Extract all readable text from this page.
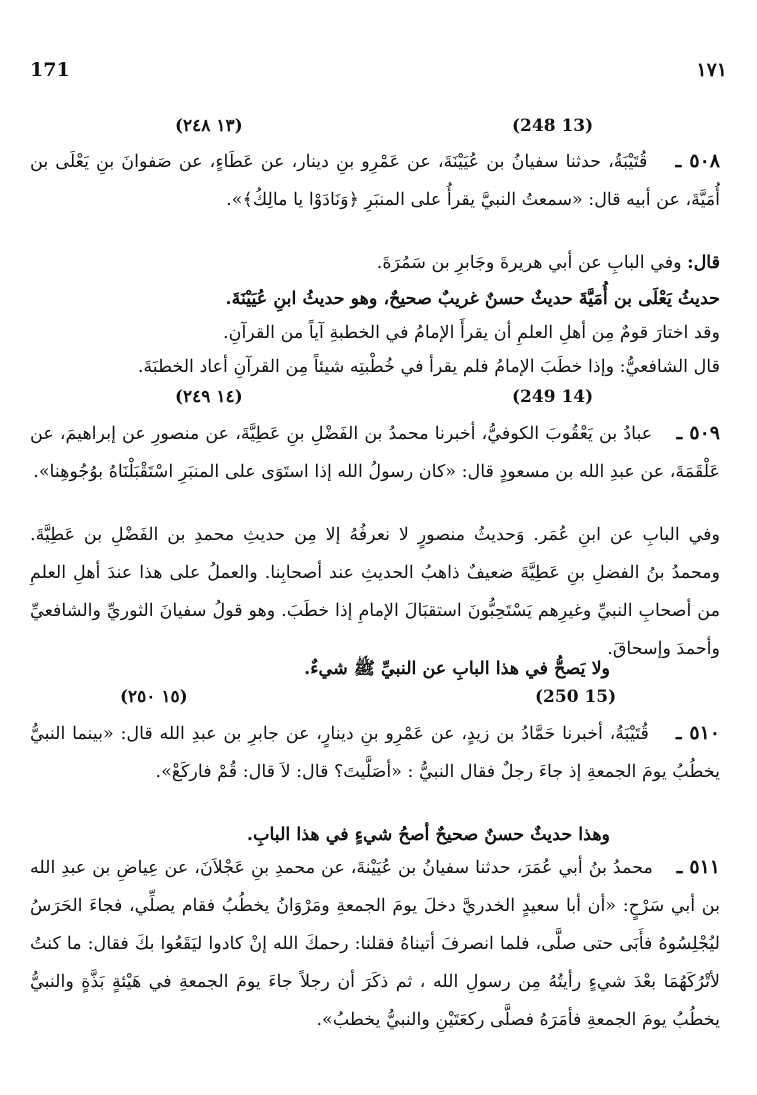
171	١٧١
(١٣ ٢٤٨)	(248 13)
٥٠٨ ـ    قُتَيْبَةُ، حدثنا سفيانُ بن عُيَيْنَةَ، عن عَمْرِو بنِ دينار، عن عَطَاءٍ، عن صَفوانَ بنِ يَعْلَى بن أُمَيَّةَ، عن أبيه قال: «سمعتُ النبيَّ يقرأُ على المنبَرِ ﴿وَنَادَوْا يا مالِكُ﴾».
قال: وفي البابِ عن أبي هريرةَ وجَابرِ بن سَمُرَةَ.
حديثُ يَعْلَى بن أُمَيَّةَ حديثٌ حسنٌ غريبٌ صحيحٌ، وهو حديثُ ابنِ عُيَيْنَةَ.
وقد اختارَ قومٌ مِن أهلِ العلمِ أن يقرأَ الإمامُ في الخطبةِ آياً من القرآنِ.
قال الشافعيُّ: وإذا خطَبَ الإمامُ فلم يقرأ في خُطْبتِه شيئاً مِن القرآنِ أعاد الخطبَةَ.
(١٤ ٢٤٩)	(249 14)
٥٠٩ ـ    عبادُ بن يَعْقُوبَ الكوفيُّ، أخبرنا محمدُ بن الفَضْلِ بنِ عَطِيَّةَ، عن منصورِ عن إبراهيمَ، عن عَلْقَمَةَ، عن عبدِ الله بن مسعودٍ قال: «كان رسولُ الله إذا استَوَى على المنبَرِ اسْتَقْبَلْنَاهُ بوُجُوهِنا».
وفي البابِ عن ابنِ عُمَر. وَحديثُ منصورٍ لا نعرفُهُ إلا مِن حديثِ محمدِ بن الفَضْلِ بن عَطِيَّةَ. ومحمدُ بنُ الفضلِ بنِ عَطِيَّةَ ضعيفٌ ذاهبُ الحديثِ عند أصحابِنا. والعملُ على هذا عندَ أهلِ العلمِ من أصحابِ النبيِّ وغيرِهم يَسْتَحِبُّونَ استقبَالَ الإمامِ إذا خطَبَ. وهو قولُ سفيانَ الثوريِّ والشافعيِّ وأحمدَ وإسحاقَ.
ولا يَصحُّ في هذا البابِ عن النبيِّ ﷺ شيءٌ.
(١٥ ٢٥٠)	(250 15)
٥١٠ ـ    قُتَيْبَةُ، أخبرنا حَمَّادُ بن زيدٍ، عن عَمْرِو بنِ دينارٍ، عن جابرِ بن عبدِ الله قال: «بينما النبيُّ يخطُبُ يومَ الجمعةِ إذ جاءَ رجلٌ فقال النبيُّ : «أصَلَّيتَ؟ قال: لاَ قال: قُمْ فاركَعْ».
وهذا حديثٌ حسنٌ صحيحٌ أصحُ شيءٍ في هذا البابِ.
٥١١ ـ    محمدُ بنُ أبي عُمَرَ، حدثنا سفيانُ بن عُيَيْنةَ، عن محمدِ بنِ عَجْلاَنَ، عن عِياضِ بن عبدِ الله بن أبي سَرْحٍ: «أن أبا سعيدٍ الخدريَّ دخلَ يومَ الجمعةِ ومَرْوَانُ يخطُبُ فقام يصلِّي، فجاءَ الحَرَسُ ليُجْلِسُوهُ فأَبَى حتى صلَّى، فلما انصرفَ أتيناهُ فقلنا: رحمكَ الله إنْ كادوا ليَقَعُوا بكَ فقال: ما كنتُ لأتْرُكَهُمَا بعْدَ شيءٍ رأيتُهُ مِن رسولِ الله ، ثم ذكَرَ أن رجلاً جاءَ يومَ الجمعةِ في هَيْئةٍ بَذَّةٍ والنبيُّ يخطُبُ يومَ الجمعةِ فأمَرَهُ فصلَّى ركعَتَيْنِ والنبيُّ يخطبُ».
